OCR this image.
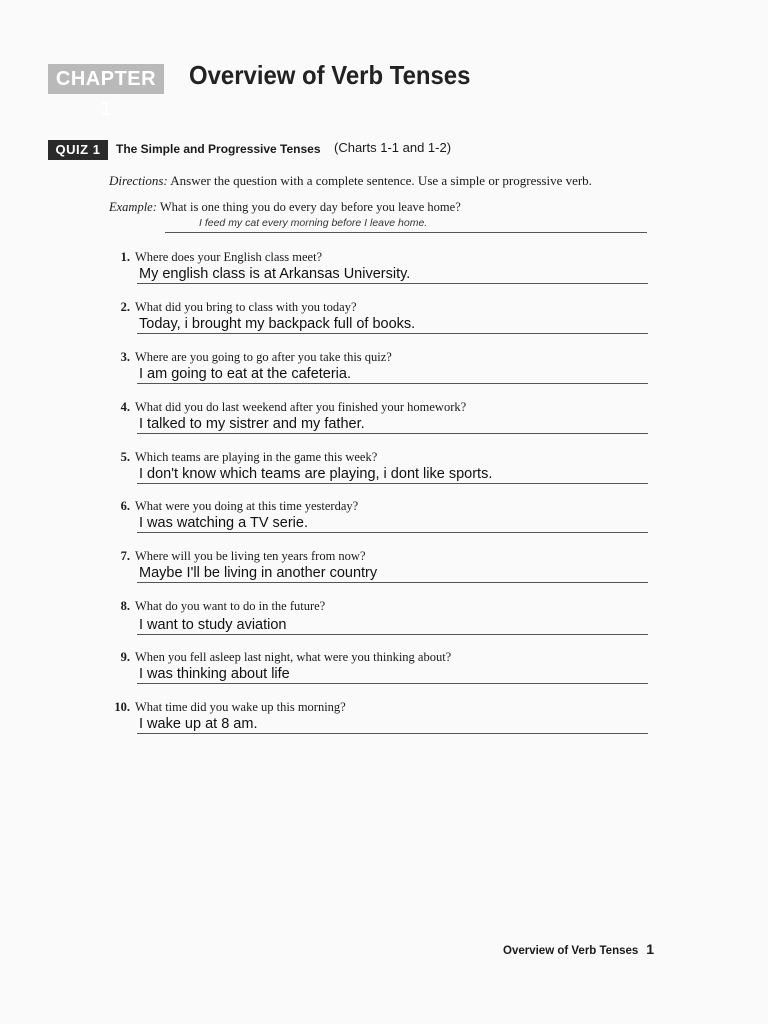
CHAPTER 1
Overview of Verb Tenses
QUIZ 1	The Simple and Progressive Tenses (Charts 1-1 and 1-2)
Directions: Answer the question with a complete sentence. Use a simple or progressive verb.
Example: What is one thing you do every day before you leave home?
I feed my cat every morning before I leave home.
1. Where does your English class meet?
My english class is at Arkansas University.
2. What did you bring to class with you today?
Today, i brought my backpack full of books.
3. Where are you going to go after you take this quiz?
I am going to eat at the cafeteria.
4. What did you do last weekend after you finished your homework?
I talked to my sistrer and my father.
5. Which teams are playing in the game this week?
I don't know which teams are playing, i dont like sports.
6. What were you doing at this time yesterday?
I was watching a TV serie.
7. Where will you be living ten years from now?
Maybe I'll be living in another country
8. What do you want to do in the future?
I want to study aviation
9. When you fell asleep last night, what were you thinking about?
I was thinking about life
10. What time did you wake up this morning?
I wake up at 8 am.
Overview of Verb Tenses 1
